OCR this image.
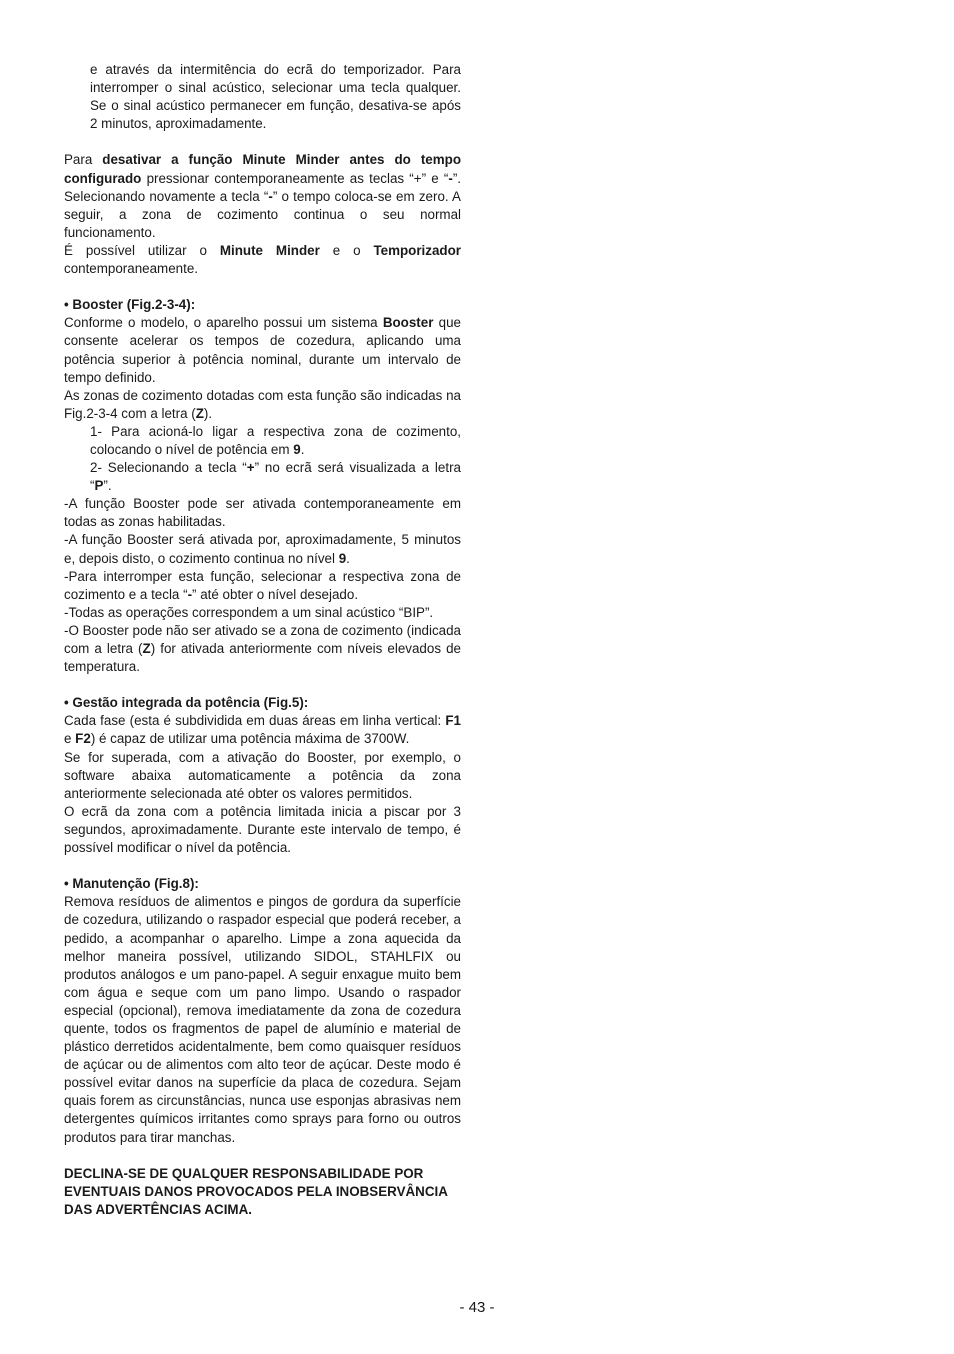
e através da intermitência do ecrã do temporizador. Para interromper o sinal acústico, selecionar uma tecla qualquer. Se o sinal acústico permanecer em função, desativa-se após 2 minutos, aproximadamente.

Para desativar a função Minute Minder antes do tempo configurado pressionar contemporaneamente as teclas “+” e “-”. Selecionando novamente a tecla “-” o tempo coloca-se em zero. A seguir, a zona de cozimento continua o seu normal funcionamento.

É possível utilizar o Minute Minder e o Temporizador contemporaneamente.

• Booster (Fig.2-3-4):

Conforme o modelo, o aparelho possui um sistema Booster que consente acelerar os tempos de cozedura, aplicando uma potência superior à potência nominal, durante um intervalo de tempo definido.

As zonas de cozimento dotadas com esta função são indicadas na Fig.2-3-4 com a letra (Z).

1- Para acioná-lo ligar a respectiva zona de cozimento, colocando o nível de potência em 9.

2- Selecionando a tecla “+” no ecrã será visualizada a letra “P”.

-A função Booster pode ser ativada contemporaneamente em todas as zonas habilitadas.

-A função Booster será ativada por, aproximadamente, 5 minutos e, depois disto, o cozimento continua no nível 9.

-Para interromper esta função, selecionar a respectiva zona de cozimento e a tecla “-” até obter o nível desejado.

-Todas as operações correspondem a um sinal acústico “BIP”.

-O Booster pode não ser ativado se a zona de cozimento (indicada com a letra (Z) for ativada anteriormente com níveis elevados de temperatura.

• Gestão integrada da potência (Fig.5):

Cada fase (esta é subdividida em duas áreas em linha vertical: F1 e F2) é capaz de utilizar uma potência máxima de 3700W.

Se for superada, com a ativação do Booster, por exemplo, o software abaixa automaticamente a potência da zona anteriormente selecionada até obter os valores permitidos.

O ecrã da zona com a potência limitada inicia a piscar por 3 segundos, aproximadamente. Durante este intervalo de tempo, é possível modificar o nível da potência.

• Manutenção (Fig.8):

Remova resíduos de alimentos e pingos de gordura da superfície de cozedura, utilizando o raspador especial que poderá receber, a pedido, a acompanhar o aparelho. Limpe a zona aquecida da melhor maneira possível, utilizando SIDOL, STAHLFIX ou produtos análogos e um pano-papel. A seguir enxague muito bem com água e seque com um pano limpo. Usando o raspador especial (opcional), remova imediatamente da zona de cozedura quente, todos os fragmentos de papel de alumínio e material de plástico derretidos acidentalmente, bem como quaisquer resíduos de açúcar ou de alimentos com alto teor de açúcar. Deste modo é possível evitar danos na superfície da placa de cozedura. Sejam quais forem as circunstâncias, nunca use esponjas abrasivas nem detergentes químicos irritantes como sprays para forno ou outros produtos para tirar manchas.

DECLINA-SE DE QUALQUER RESPONSABILIDADE POR EVENTUAIS DANOS PROVOCADOS PELA INOBSERVÂNCIA DAS ADVERTÊNCIAS ACIMA.

- 43 -
